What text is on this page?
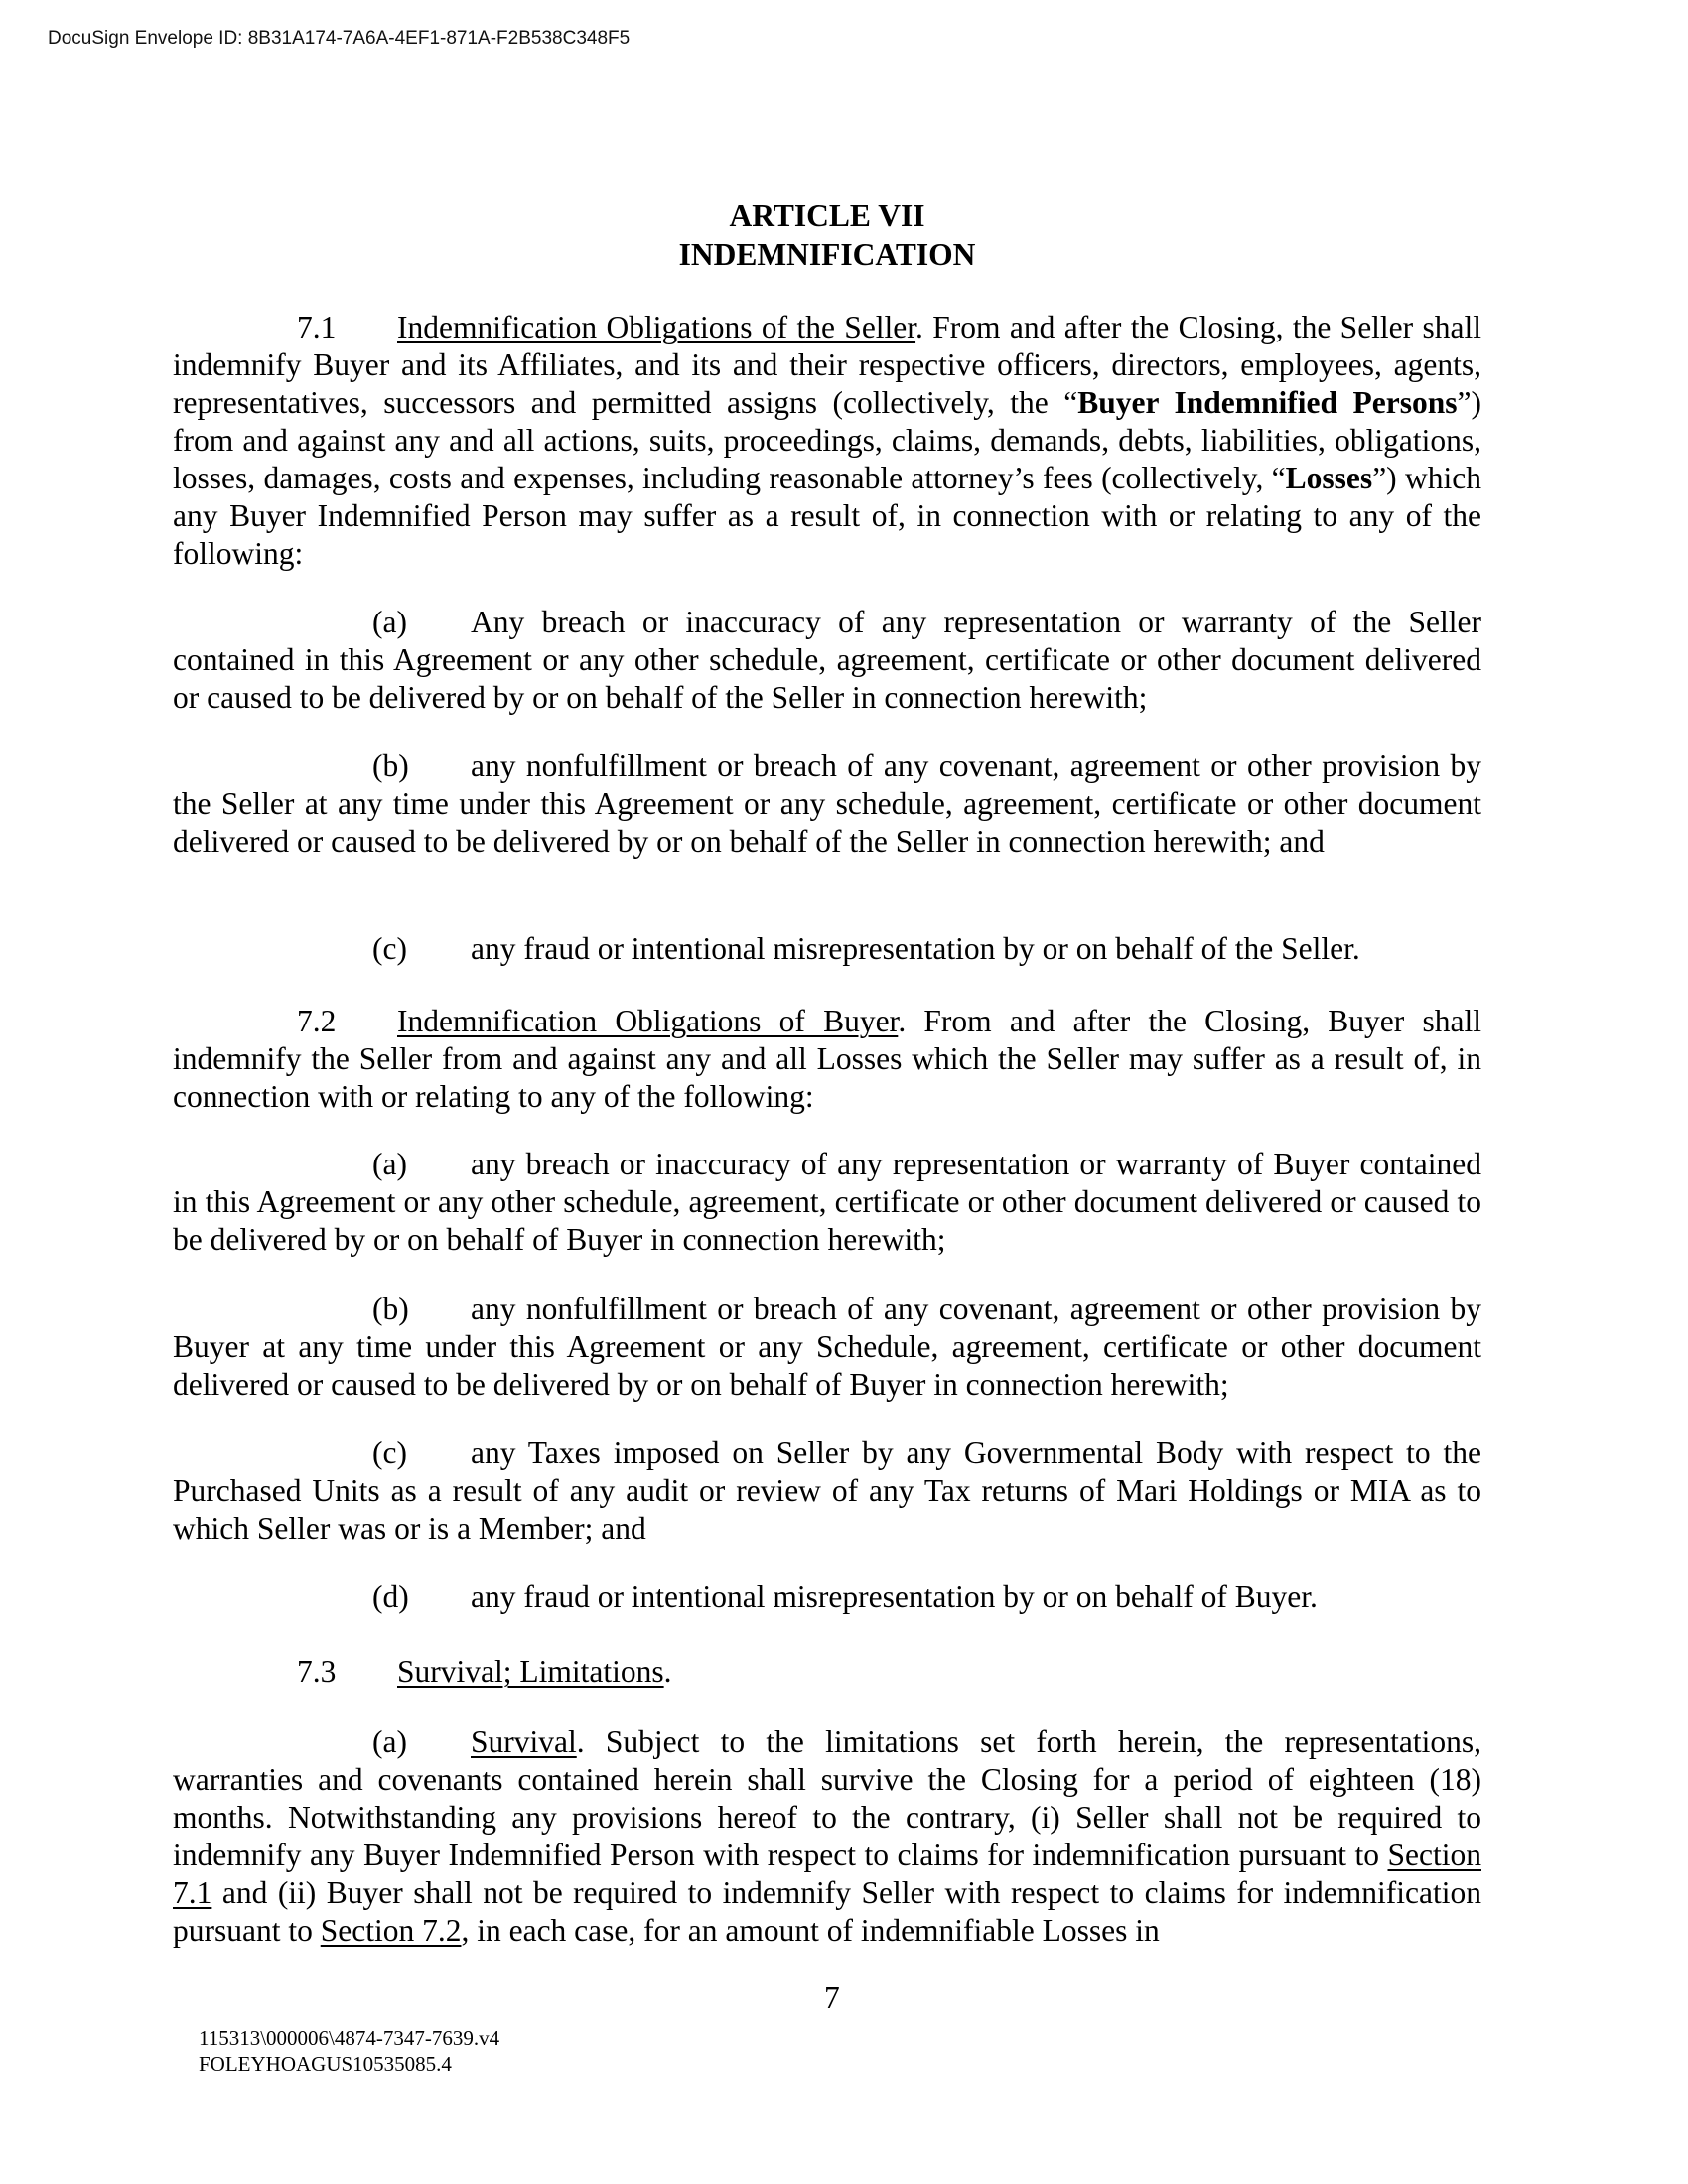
DocuSign Envelope ID: 8B31A174-7A6A-4EF1-871A-F2B538C348F5
ARTICLE VII
INDEMNIFICATION
7.1 Indemnification Obligations of the Seller. From and after the Closing, the Seller shall indemnify Buyer and its Affiliates, and its and their respective officers, directors, employees, agents, representatives, successors and permitted assigns (collectively, the “Buyer Indemnified Persons”) from and against any and all actions, suits, proceedings, claims, demands, debts, liabilities, obligations, losses, damages, costs and expenses, including reasonable attorney’s fees (collectively, “Losses”) which any Buyer Indemnified Person may suffer as a result of, in connection with or relating to any of the following:
(a) Any breach or inaccuracy of any representation or warranty of the Seller contained in this Agreement or any other schedule, agreement, certificate or other document delivered or caused to be delivered by or on behalf of the Seller in connection herewith;
(b) any nonfulfillment or breach of any covenant, agreement or other provision by the Seller at any time under this Agreement or any schedule, agreement, certificate or other document delivered or caused to be delivered by or on behalf of the Seller in connection herewith; and
(c) any fraud or intentional misrepresentation by or on behalf of the Seller.
7.2 Indemnification Obligations of Buyer. From and after the Closing, Buyer shall indemnify the Seller from and against any and all Losses which the Seller may suffer as a result of, in connection with or relating to any of the following:
(a) any breach or inaccuracy of any representation or warranty of Buyer contained in this Agreement or any other schedule, agreement, certificate or other document delivered or caused to be delivered by or on behalf of Buyer in connection herewith;
(b) any nonfulfillment or breach of any covenant, agreement or other provision by Buyer at any time under this Agreement or any Schedule, agreement, certificate or other document delivered or caused to be delivered by or on behalf of Buyer in connection herewith;
(c) any Taxes imposed on Seller by any Governmental Body with respect to the Purchased Units as a result of any audit or review of any Tax returns of Mari Holdings or MIA as to which Seller was or is a Member; and
(d) any fraud or intentional misrepresentation by or on behalf of Buyer.
7.3 Survival; Limitations.
(a) Survival. Subject to the limitations set forth herein, the representations, warranties and covenants contained herein shall survive the Closing for a period of eighteen (18) months. Notwithstanding any provisions hereof to the contrary, (i) Seller shall not be required to indemnify any Buyer Indemnified Person with respect to claims for indemnification pursuant to Section 7.1 and (ii) Buyer shall not be required to indemnify Seller with respect to claims for indemnification pursuant to Section 7.2, in each case, for an amount of indemnifiable Losses in
7
115313\000006\4874-7347-7639.v4
FOLEYHOAGUS10535085.4
